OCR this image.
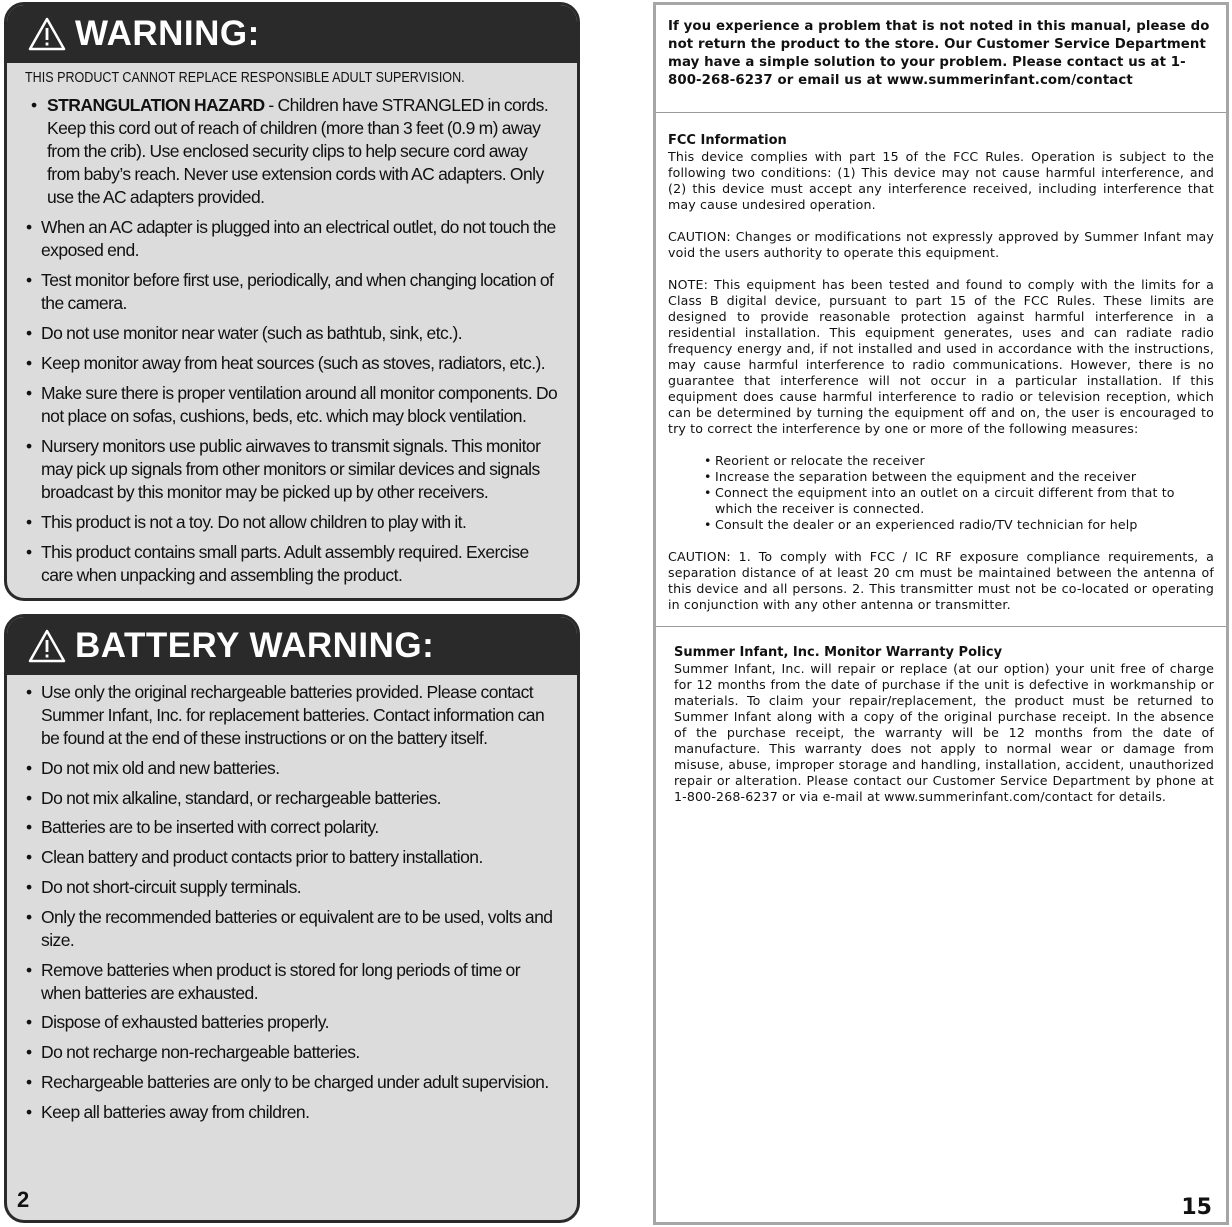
WARNING:

THIS PRODUCT CANNOT REPLACE RESPONSIBLE ADULT SUPERVISION.

• STRANGULATION HAZARD - Children have STRANGLED in cords. Keep this cord out of reach of children (more than 3 feet (0.9 m) away from the crib). Use enclosed security clips to help secure cord away from baby’s reach. Never use extension cords with AC adapters. Only use the AC adapters provided.
• When an AC adapter is plugged into an electrical outlet, do not touch the exposed end.
• Test monitor before first use, periodically, and when changing location of the camera.
• Do not use monitor near water (such as bathtub, sink, etc.).
• Keep monitor away from heat sources (such as stoves, radiators, etc.).
• Make sure there is proper ventilation around all monitor components. Do not place on sofas, cushions, beds, etc. which may block ventilation.
• Nursery monitors use public airwaves to transmit signals. This monitor may pick up signals from other monitors or similar devices and signals broadcast by this monitor may be picked up by other receivers.
• This product is not a toy. Do not allow children to play with it.
• This product contains small parts. Adult assembly required. Exercise care when unpacking and assembling the product.
BATTERY WARNING:
• Use only the original rechargeable batteries provided. Please contact Summer Infant, Inc. for replacement batteries. Contact information can be found at the end of these instructions or on the battery itself.
• Do not mix old and new batteries.
• Do not mix alkaline, standard, or rechargeable batteries.
• Batteries are to be inserted with correct polarity.
• Clean battery and product contacts prior to battery installation.
• Do not short-circuit supply terminals.
• Only the recommended batteries or equivalent are to be used, volts and size.
• Remove batteries when product is stored for long periods of time or when batteries are exhausted.
• Dispose of exhausted batteries properly.
• Do not recharge non-rechargeable batteries.
• Rechargeable batteries are only to be charged under adult supervision.
• Keep all batteries away from children.
2
If you experience a problem that is not noted in this manual, please do not return the product to the store. Our Customer Service Department may have a simple solution to your problem. Please contact us at 1-800-268-6237 or email us at www.summerinfant.com/contact

FCC Information

This device complies with part 15 of the FCC Rules. Operation is subject to the following two conditions: (1) This device may not cause harmful interference, and (2) this device must accept any interference received, including interference that may cause undesired operation.

CAUTION: Changes or modifications not expressly approved by Summer Infant may void the users authority to operate this equipment.

NOTE: This equipment has been tested and found to comply with the limits for a Class B digital device, pursuant to part 15 of the FCC Rules. These limits are designed to provide reasonable protection against harmful interference in a residential installation. This equipment generates, uses and can radiate radio frequency energy and, if not installed and used in accordance with the instructions, may cause harmful interference to radio communications. However, there is no guarantee that interference will not occur in a particular installation. If this equipment does cause harmful interference to radio or television reception, which can be determined by turning the equipment off and on, the user is encouraged to try to correct the interference by one or more of the following measures:

• Reorient or relocate the receiver
• Increase the separation between the equipment and the receiver
• Connect the equipment into an outlet on a circuit different from that to which the receiver is connected.
• Consult the dealer or an experienced radio/TV technician for help

CAUTION: 1. To comply with FCC / IC RF exposure compliance requirements, a separation distance of at least 20 cm must be maintained between the antenna of this device and all persons. 2. This transmitter must not be co-located or operating in conjunction with any other antenna or transmitter.

Summer Infant, Inc. Monitor Warranty Policy

Summer Infant, Inc. will repair or replace (at our option) your unit free of charge for 12 months from the date of purchase if the unit is defective in workmanship or materials. To claim your repair/replacement, the product must be returned to Summer Infant along with a copy of the original purchase receipt. In the absence of the purchase receipt, the warranty will be 12 months from the date of manufacture. This warranty does not apply to normal wear or damage from misuse, abuse, improper storage and handling, installation, accident, unauthorized repair or alteration. Please contact our Customer Service Department by phone at 1-800-268-6237 or via e-mail at www.summerinfant.com/contact for details.

15
